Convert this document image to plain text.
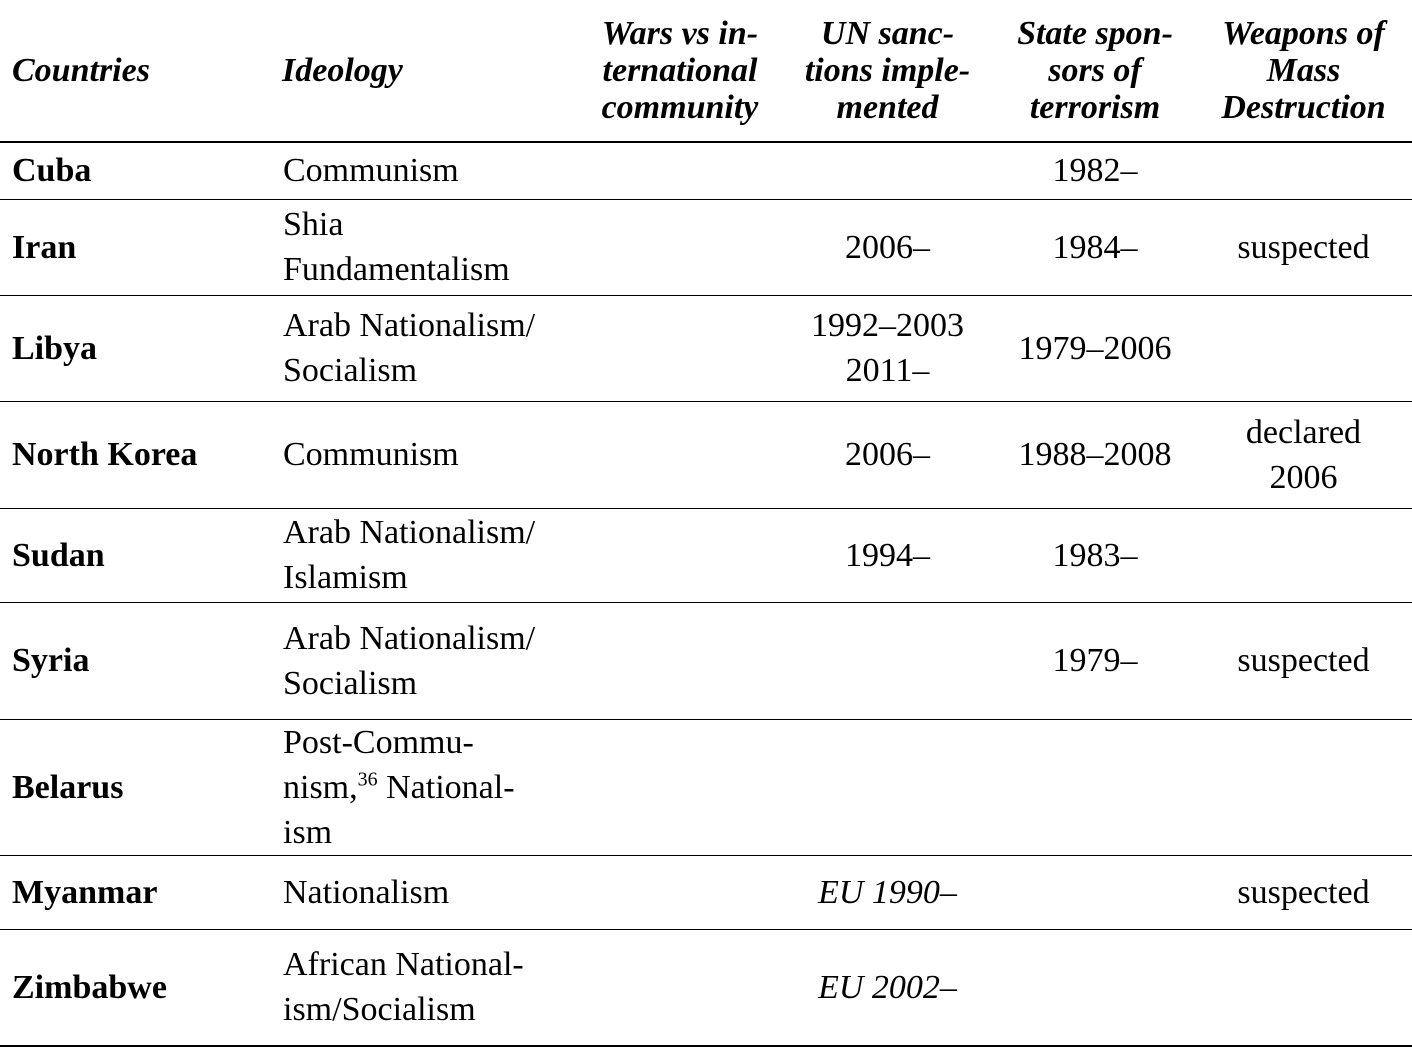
Countries	Ideology	Wars vs in-
ternational
community	UN sanc-
tions imple-
mented	State spon-
sors of
terrorism	Weapons of
Mass
Destruction

Cuba	Communism			1982–	

Iran	Shia
Fundamentalism		2006–	1984–	suspected

Libya	Arab Nationalism/
Socialism		1992–2003
2011–	1979–2006	

North Korea	Communism		2006–	1988–2008	declared
2006

Sudan	Arab Nationalism/
Islamism		1994–	1983–	

Syria	Arab Nationalism/
Socialism			1979–	suspected

Belarus	Post-Commu-
nism,$^{36}$ National-
ism				

Myanmar	Nationalism		EU 1990–		suspected

Zimbabwe	African National-
ism/Socialism		EU 2002–		
